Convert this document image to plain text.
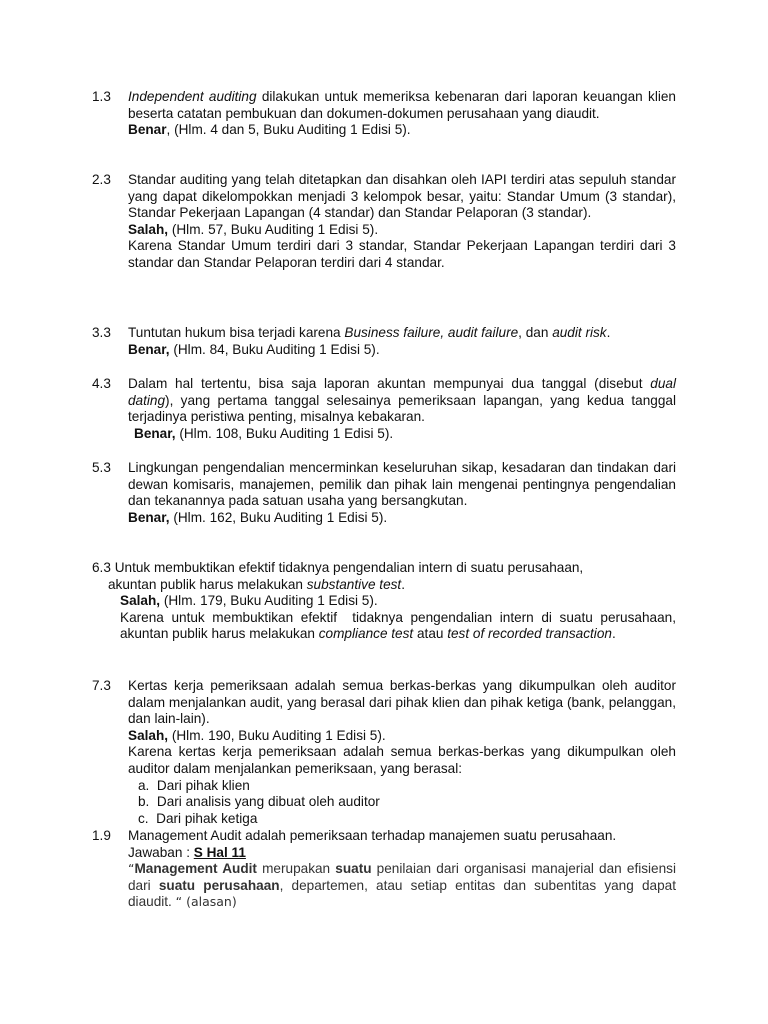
1.3 Independent auditing dilakukan untuk memeriksa kebenaran dari laporan keuangan klien beserta catatan pembukuan dan dokumen-dokumen perusahaan yang diaudit.

Benar, (Hlm. 4 dan 5, Buku Auditing 1 Edisi 5).

2.3 Standar auditing yang telah ditetapkan dan disahkan oleh IAPI terdiri atas sepuluh standar yang dapat dikelompokkan menjadi 3 kelompok besar, yaitu: Standar Umum (3 standar), Standar Pekerjaan Lapangan (4 standar) dan Standar Pelaporan (3 standar).

Salah, (Hlm. 57, Buku Auditing 1 Edisi 5).

Karena Standar Umum terdiri dari 3 standar, Standar Pekerjaan Lapangan terdiri dari 3 standar dan Standar Pelaporan terdiri dari 4 standar.

3.3 Tuntutan hukum bisa terjadi karena Business failure, audit failure, dan audit risk.

Benar, (Hlm. 84, Buku Auditing 1 Edisi 5).

4.3 Dalam hal tertentu, bisa saja laporan akuntan mempunyai dua tanggal (disebut dual dating), yang pertama tanggal selesainya pemeriksaan lapangan, yang kedua tanggal terjadinya peristiwa penting, misalnya kebakaran.

Benar, (Hlm. 108, Buku Auditing 1 Edisi 5).

5.3 Lingkungan pengendalian mencerminkan keseluruhan sikap, kesadaran dan tindakan dari dewan komisaris, manajemen, pemilik dan pihak lain mengenai pentingnya pengendalian dan tekanannya pada satuan usaha yang bersangkutan.

Benar, (Hlm. 162, Buku Auditing 1 Edisi 5).

6.3 Untuk membuktikan efektif tidaknya pengendalian intern di suatu perusahaan,

akuntan publik harus melakukan substantive test.

Salah, (Hlm. 179, Buku Auditing 1 Edisi 5).

Karena untuk membuktikan efektif  tidaknya pengendalian intern di suatu perusahaan, akuntan publik harus melakukan compliance test atau test of recorded transaction.

7.3 Kertas kerja pemeriksaan adalah semua berkas-berkas yang dikumpulkan oleh auditor dalam menjalankan audit, yang berasal dari pihak klien dan pihak ketiga (bank, pelanggan, dan lain-lain).

Salah, (Hlm. 190, Buku Auditing 1 Edisi 5).

Karena kertas kerja pemeriksaan adalah semua berkas-berkas yang dikumpulkan oleh auditor dalam menjalankan pemeriksaan, yang berasal:

a.  Dari pihak klien
b.  Dari analisis yang dibuat oleh auditor
c.  Dari pihak ketiga
1.9 Management Audit adalah pemeriksaan terhadap manajemen suatu perusahaan.

Jawaban : S Hal 11

“Management Audit merupakan suatu penilaian dari organisasi manajerial dan efisiensi dari suatu perusahaan, departemen, atau setiap entitas dan subentitas yang dapat diaudit. “ (alasan)
